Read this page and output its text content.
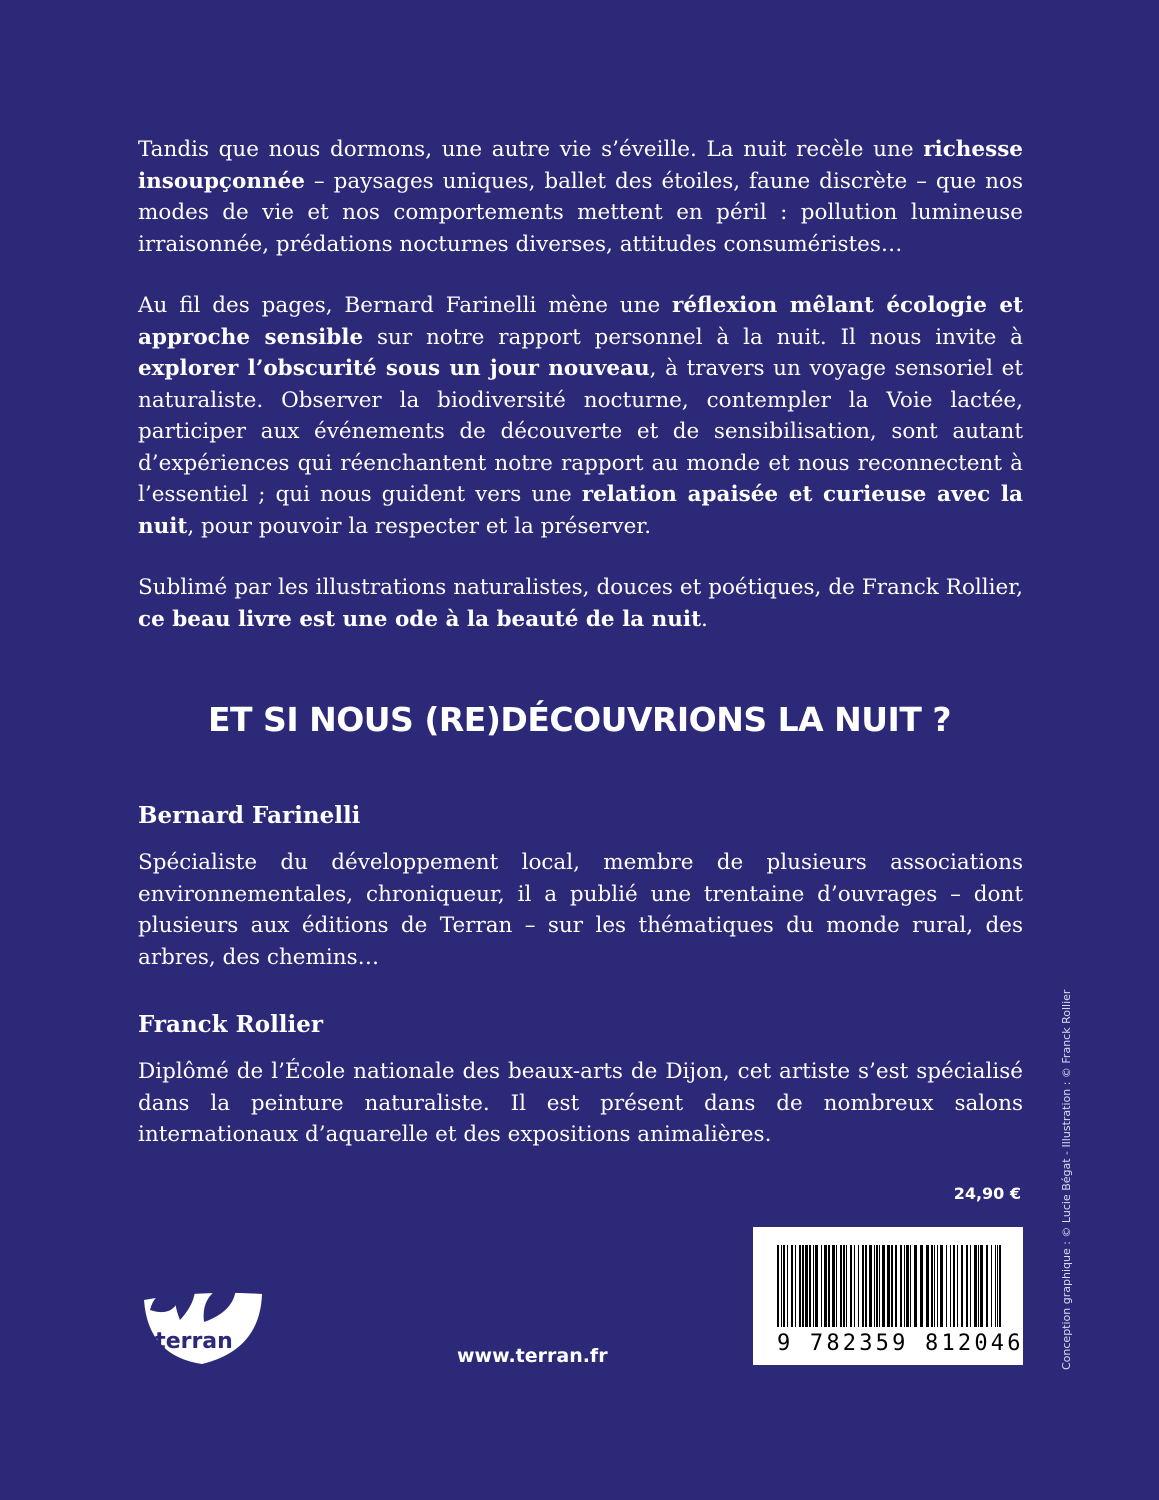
Tandis que nous dormons, une autre vie s’éveille. La nuit recèle une richesse insoupçonnée – paysages uniques, ballet des étoiles, faune discrète – que nos modes de vie et nos comportements mettent en péril : pollution lumineuse irraisonnée, prédations nocturnes diverses, attitudes consuméristes…

Au fil des pages, Bernard Farinelli mène une réflexion mêlant écologie et approche sensible sur notre rapport personnel à la nuit. Il nous invite à explorer l’obscurité sous un jour nouveau, à travers un voyage sensoriel et naturaliste. Observer la biodiversité nocturne, contempler la Voie lactée, participer aux événements de découverte et de sensibilisation, sont autant d’expériences qui réenchantent notre rapport au monde et nous reconnectent à l’essentiel ; qui nous guident vers une relation apaisée et curieuse avec la nuit, pour pouvoir la respecter et la préserver.

Sublimé par les illustrations naturalistes, douces et poétiques, de Franck Rollier, ce beau livre est une ode à la beauté de la nuit.

ET SI NOUS (RE)DÉCOUVRIONS LA NUIT ?
Bernard Farinelli

Spécialiste du développement local, membre de plusieurs associations environnementales, chroniqueur, il a publié une trentaine d’ouvrages – dont plusieurs aux éditions de Terran – sur les thématiques du monde rural, des arbres, des chemins…

Franck Rollier

Diplômé de l’École nationale des beaux-arts de Dijon, cet artiste s’est spécialisé dans la peinture naturaliste. Il est présent dans de nombreux salons internationaux d’aquarelle et des expositions animalières.

24,90 €
9 782359 812046
terran
www.terran.fr	Conception graphique : © Lucie Bégat - Illustration : © Franck Rollier
